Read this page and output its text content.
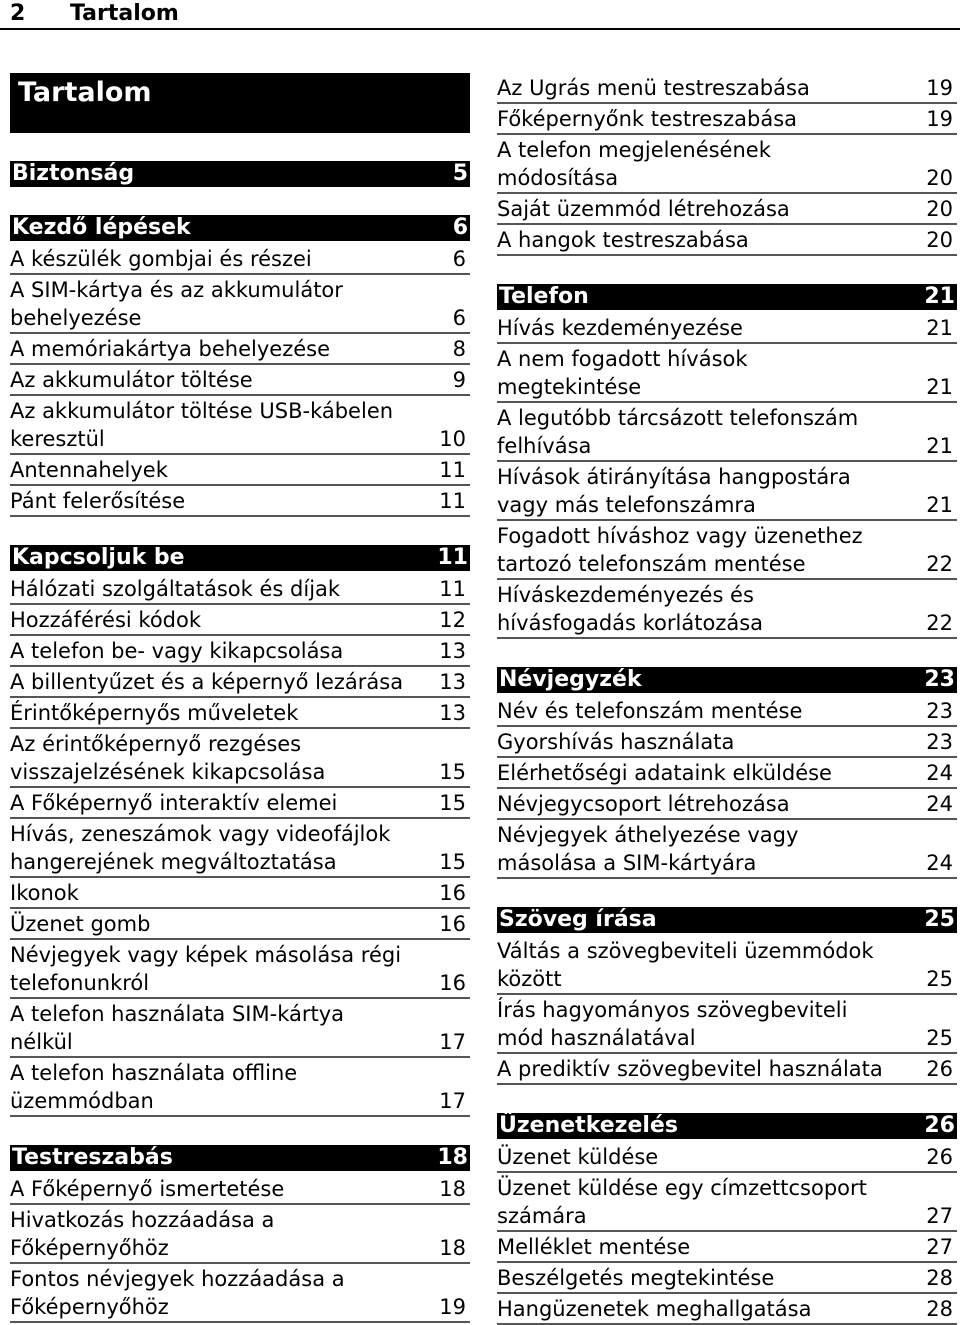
2 Tartalom
Tartalom
Biztonság	5
Kezdő lépések	6
A készülék gombjai és részei	6
A SIM-kártya és az akkumulátor
behelyezése	6
A memóriakártya behelyezése	8
Az akkumulátor töltése	9
Az akkumulátor töltése USB-kábelen
keresztül	10
Antennahelyek	11
Pánt felerősítése	11
Kapcsoljuk be	11
Hálózati szolgáltatások és díjak	11
Hozzáférési kódok	12
A telefon be- vagy kikapcsolása	13
A billentyűzet és a képernyő lezárása	13
Érintőképernyős műveletek	13
Az érintőképernyő rezgéses
visszajelzésének kikapcsolása	15
A Főképernyő interaktív elemei	15
Hívás, zeneszámok vagy videofájlok
hangerejének megváltoztatása	15
Ikonok	16
Üzenet gomb	16
Névjegyek vagy képek másolása régi
telefonunkról	16
A telefon használata SIM-kártya
nélkül	17
A telefon használata offline
üzemmódban	17
Testreszabás	18
A Főképernyő ismertetése	18
Hivatkozás hozzáadása a
Főképernyőhöz	18
Fontos névjegyek hozzáadása a
Főképernyőhöz	19
Az Ugrás menü testreszabása	19
Főképernyőnk testreszabása	19
A telefon megjelenésének
módosítása	20
Saját üzemmód létrehozása	20
A hangok testreszabása	20
Telefon	21
Hívás kezdeményezése	21
A nem fogadott hívások
megtekintése	21
A legutóbb tárcsázott telefonszám
felhívása	21
Hívások átirányítása hangpostára
vagy más telefonszámra	21
Fogadott híváshoz vagy üzenethez
tartozó telefonszám mentése	22
Híváskezdeményezés és
hívásfogadás korlátozása	22
Névjegyzék	23
Név és telefonszám mentése	23
Gyorshívás használata	23
Elérhetőségi adataink elküldése	24
Névjegycsoport létrehozása	24
Névjegyek áthelyezése vagy
másolása a SIM-kártyára	24
Szöveg írása	25
Váltás a szövegbeviteli üzemmódok
között	25
Írás hagyományos szövegbeviteli
mód használatával	25
A prediktív szövegbevitel használata	26
Üzenetkezelés	26
Üzenet küldése	26
Üzenet küldése egy címzettcsoport
számára	27
Melléklet mentése	27
Beszélgetés megtekintése	28
Hangüzenetek meghallgatása	28
